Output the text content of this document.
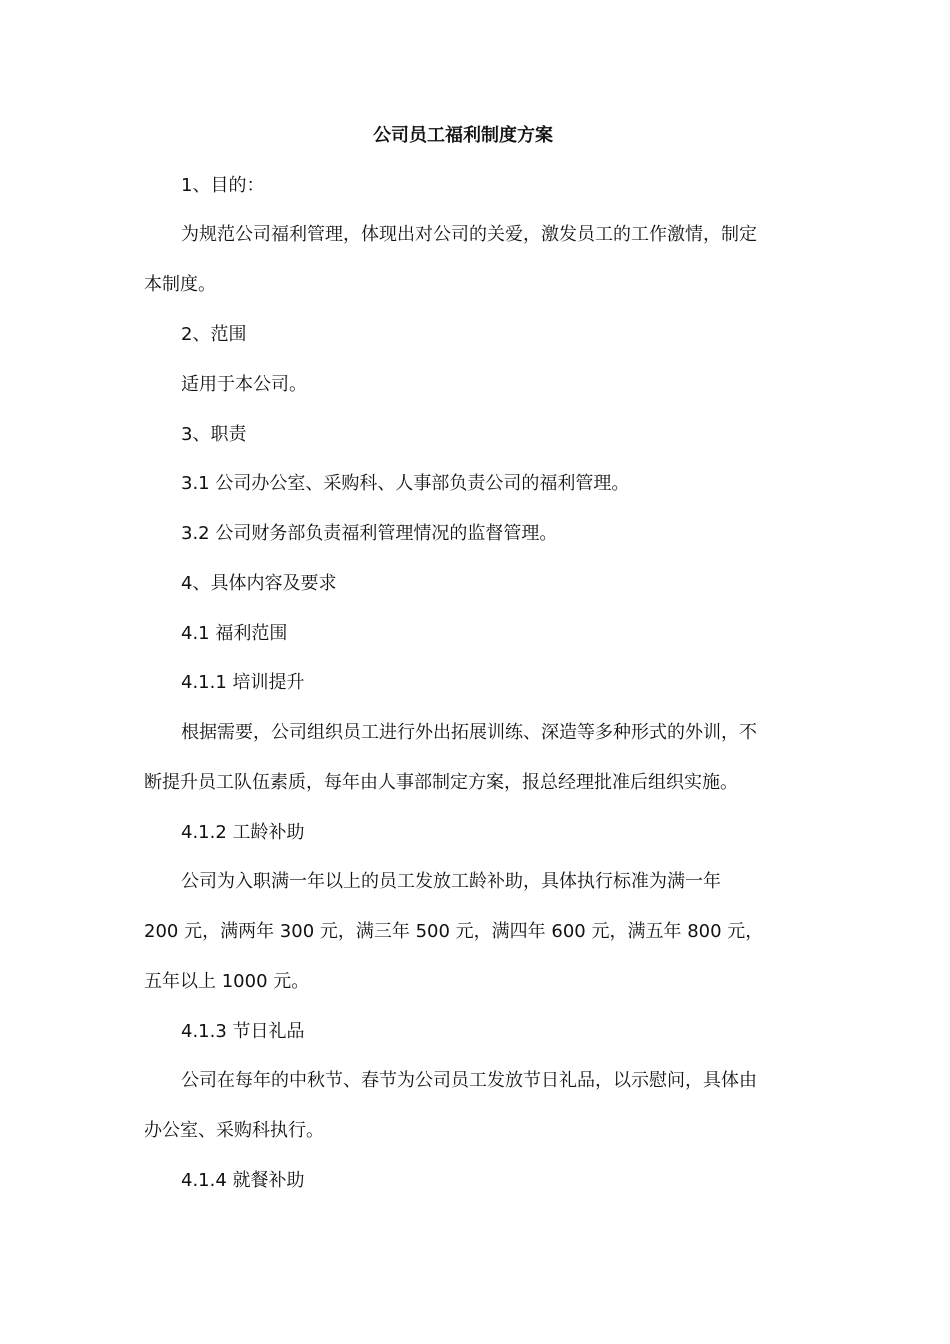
公司员工福利制度方案
1、目的：
为规范公司福利管理，体现出对公司的关爱，激发员工的工作激情，制定
本制度。
2、范围
适用于本公司。
3、职责
3.1 公司办公室、采购科、人事部负责公司的福利管理。
3.2 公司财务部负责福利管理情况的监督管理。
4、具体内容及要求
4.1 福利范围
4.1.1 培训提升
根据需要，公司组织员工进行外出拓展训练、深造等多种形式的外训，不
断提升员工队伍素质，每年由人事部制定方案，报总经理批准后组织实施。
4.1.2 工龄补助
公司为入职满一年以上的员工发放工龄补助，具体执行标准为满一年
200 元，满两年 300 元，满三年 500 元，满四年 600 元，满五年 800 元，
五年以上 1000 元。
4.1.3 节日礼品
公司在每年的中秋节、春节为公司员工发放节日礼品，以示慰问，具体由
办公室、采购科执行。
4.1.4 就餐补助
